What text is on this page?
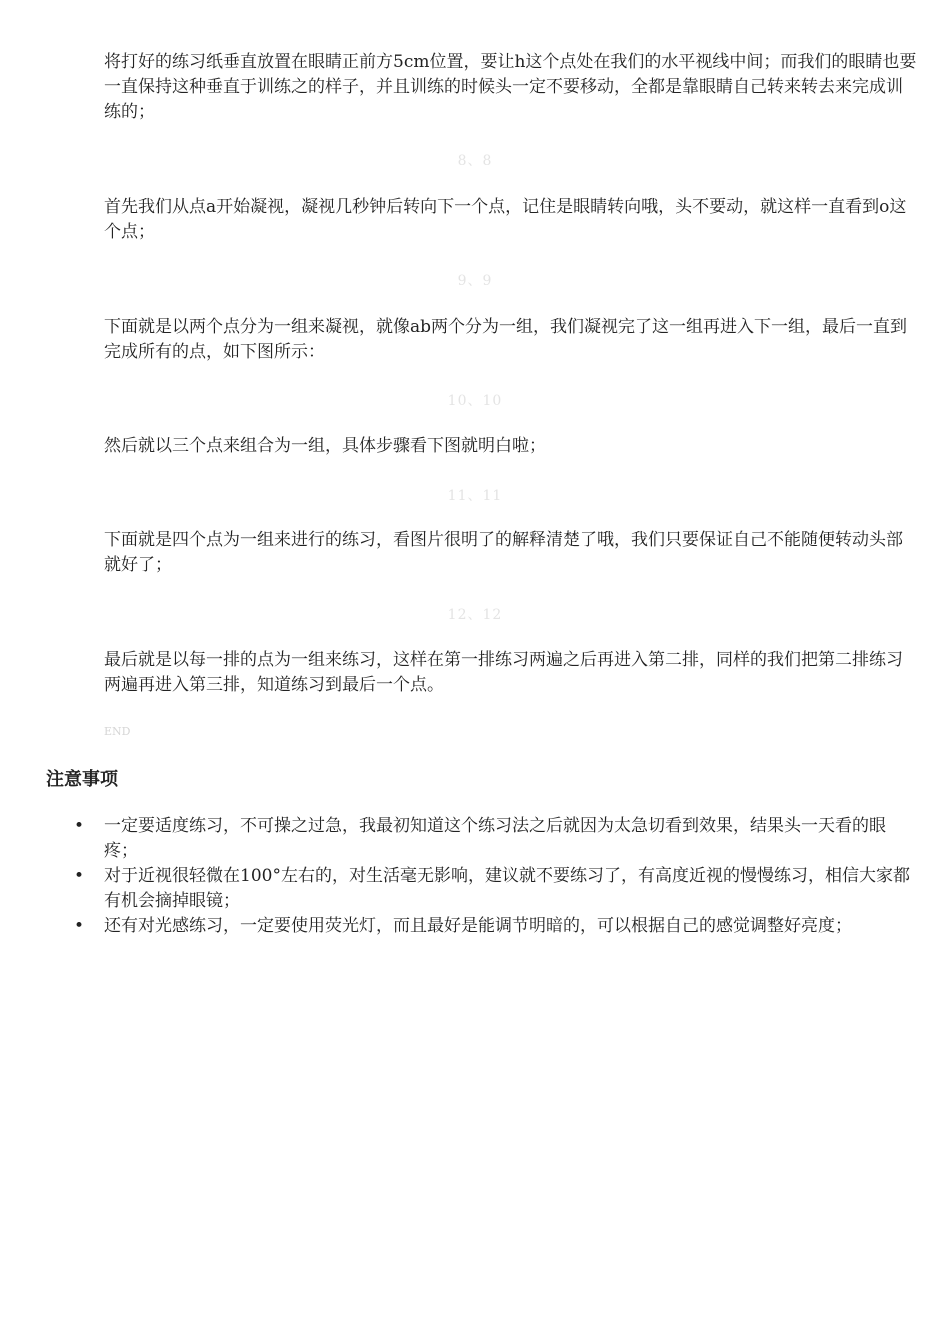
将打好的练习纸垂直放置在眼睛正前方5cm位置，要让h这个点处在我们的水平视线中间；而我们的眼睛也要一直保持这种垂直于训练之的样子，并且训练的时候头一定不要移动，全都是靠眼睛自己转来转去来完成训练的；

8、8

首先我们从点a开始凝视，凝视几秒钟后转向下一个点，记住是眼睛转向哦，头不要动，就这样一直看到o这个点；

9、9

下面就是以两个点分为一组来凝视，就像ab两个分为一组，我们凝视完了这一组再进入下一组，最后一直到完成所有的点，如下图所示：

10、10

然后就以三个点来组合为一组，具体步骤看下图就明白啦；

11、11

下面就是四个点为一组来进行的练习，看图片很明了的解释清楚了哦，我们只要保证自己不能随便转动头部就好了；

12、12

最后就是以每一排的点为一组来练习，这样在第一排练习两遍之后再进入第二排，同样的我们把第二排练习两遍再进入第三排，知道练习到最后一个点。

END
注意事项
• 一定要适度练习，不可操之过急，我最初知道这个练习法之后就因为太急切看到效果，结果头一天看的眼疼；
• 对于近视很轻微在100°左右的，对生活毫无影响，建议就不要练习了，有高度近视的慢慢练习，相信大家都有机会摘掉眼镜；
• 还有对光感练习，一定要使用荧光灯，而且最好是能调节明暗的，可以根据自己的感觉调整好亮度；
